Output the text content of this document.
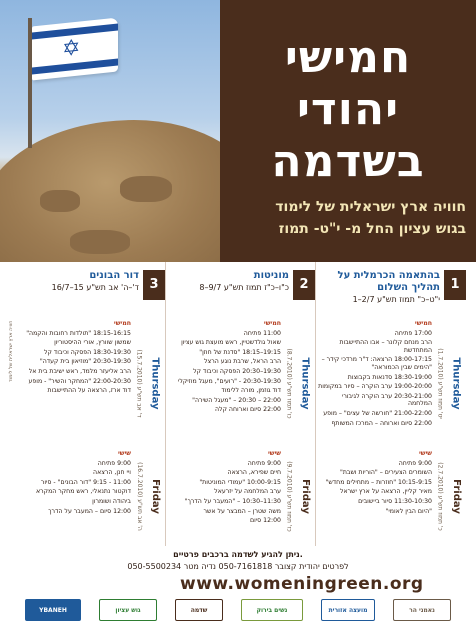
✡	חמישי
יהודי
בשדמה
חוויה ארץ ישראלית של לימוד
בגוש עציון החל מ- י"ט- תמוז
חוויה ארץ ישראלית של לימוד
1
בהתאמה הכרמלית על תהליך השלום
י"ט–כ" תמוז תש"ע 2/7–1
Thursday
(1.7.2010) יט' תמוז תש"ע
חמישי
17:00 פתיחה
הרב מנחם קלונר – אבו ההתיישבות המתחדשת
18:00-17:15 הרצאה: ד"ר מרדכי קידר – "הימים שבין הכמוראה"
18:30-19:00 סדנאות בקבוצות
19:00-20:00 ערב הוקרה – סיור במקומות
20:30-21:00 ערב הוקרה לגיבורי המלחמה
21:00-22:00 "חורשה של עצים" – מופע
22:00 סיום וארוחה – המרכז המשותף
Friday
(2.7.2010) כ' תמוז תש"ע
שישי
9:00 פתיחה
השומרים הצעירים – "הוריות ושבת"
10:15-9:15 "חוזרות – מתחילים מחדש"
מאיר קליין, הרצאה על ארץ ישראל
11:30-10:30 סיור ביישובים
"היום הבין לאומי"
2
מוניטות
כ"ו–כ"ז תמוז תש"ע 9/7–8
Thursday
(8.7.2010) כו' תמוז תש"ע
חמישי
11:00 פתיחה
שאול גולדשטיין, ראש מועצת גוש עציון
19:15–18:15 "סדנת של חוזן"
הרב הראל, שרבת נוגע הרצל
19:30–20:30 הפסקה וכיבוד קל
20:30-19:30 - "רועים", מעגל מוזיקלי
דוד גוזמן, מורה ללימוד
22:00 – 20:30 – "מעגל השירה"
22:00 סיום וארוחה קלה
Friday
(9.7.2010) כז' תמוז תש"ע
שישי
9:00 פתיחה
חיים שפירא, הרצאה
10:00-9:15 "עמודי המוניטות"
ערב המלחמה על יזרעאל
11:30–10:30 – "המעבר על הדרך"
משה שטרן – המבצר על אשר
12:00 סיום
3
דור הבונים
ד'–ה' אב תש"ע 15–16/7
Thursday
(15.7.2010) ד' אב תש"ע
חמישי
18:15-16:15 "תולדות רחובות והקמה"
שמשון שוורץ, אורי ההיסטוריון
18:30-19:30 הפסקה וכיבוד קל
20:30-19:30 "מוזיאון בית קעדה"
הרב אליעזר מלמד, ראש ישיבת בית אל
22:00-20:30 "המחקר והשיר" - מופע
דוד ארז, הרצאה על ההתיישבות
Friday
(16.7.2010) ה' אב תש"ע
שישי
9:00 פתיחה
ויי חנן, הרצאה
11:00 - 9:15 "דור הבונים" - סיור
דוקטור נתנאלי, ראש מחקר המקרא
ביהודה ושומרון
12:00 סיום – המעבר על הדרך
ניתן להגיע לשדמה ברכבים פרטיים.
לפרטים יהודית קצובר 050-7161818 נדיה מטר 050-5500234
www.womeningreen.org
YBANEH	גוש עציון	שדמה	נשים בירוק	מועצה אזורית	נאמני הר
